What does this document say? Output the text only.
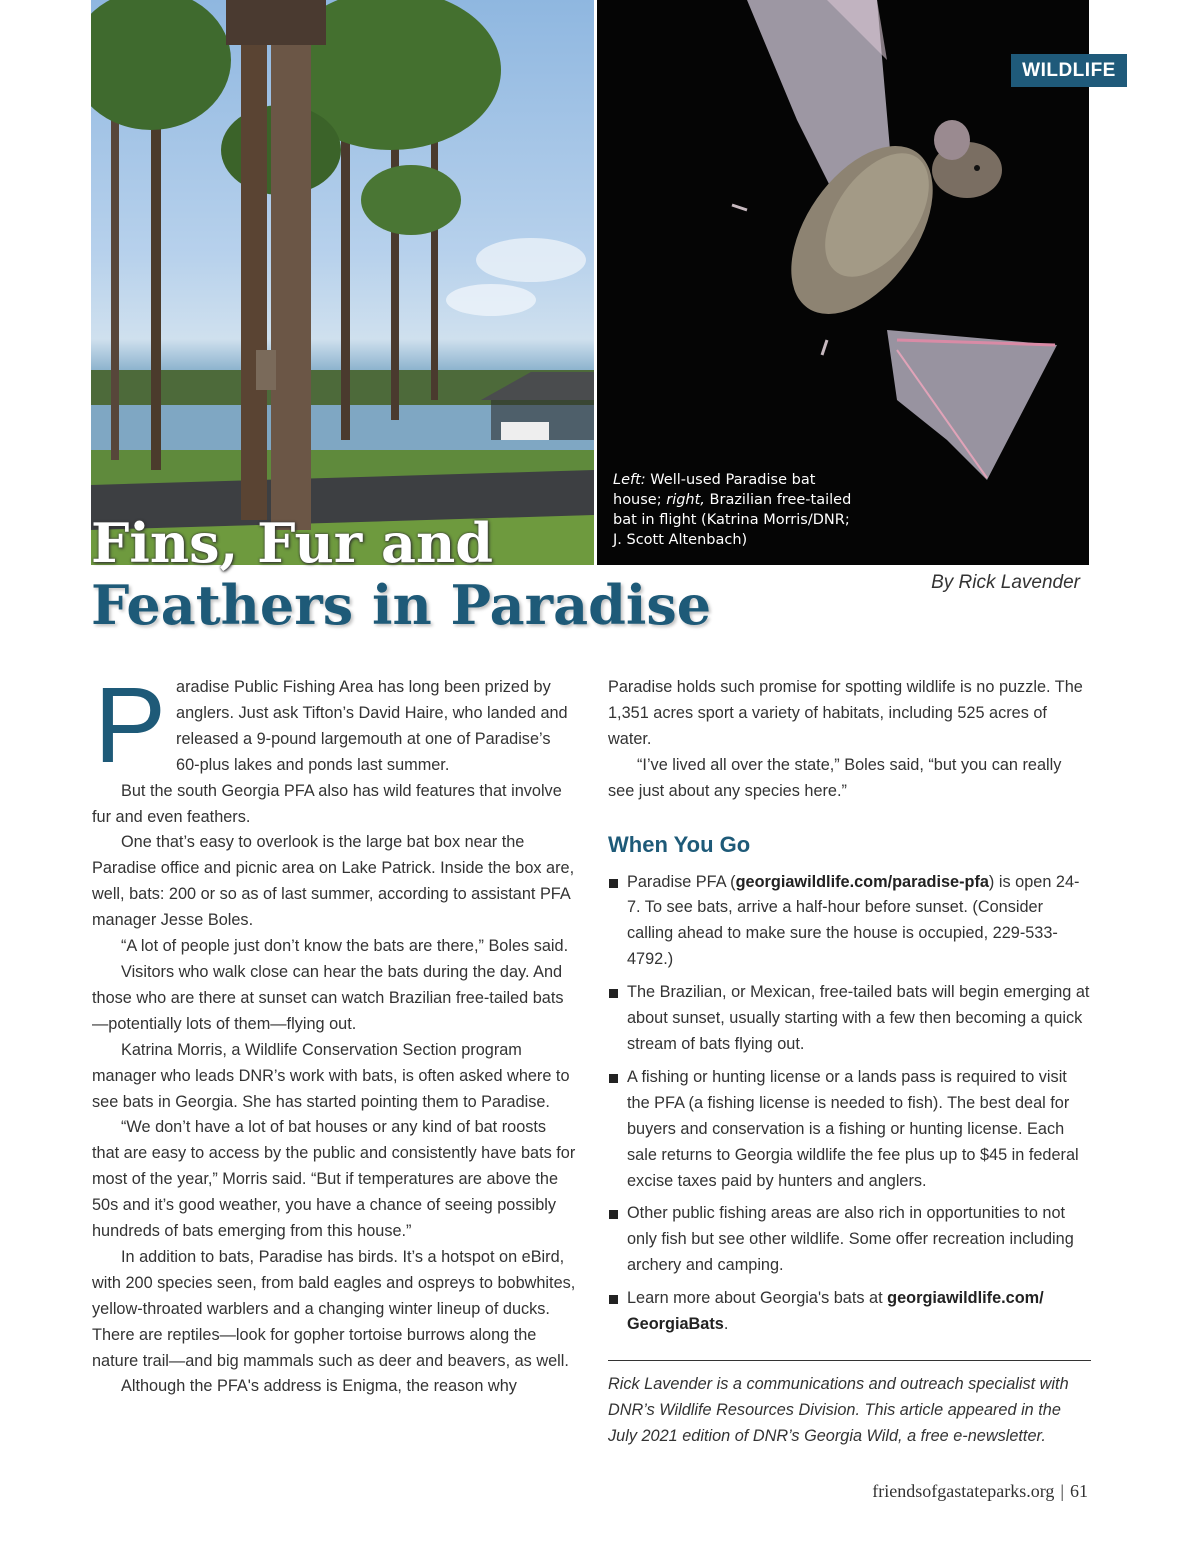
WILDLIFE
Left: Well-used Paradise bat house; right, Brazilian free-tailed bat in flight (Katrina Morris/DNR; J. Scott Altenbach)
Fins, Fur and
Feathers in Paradise	By Rick Lavender

Paradise Public Fishing Area has long been prized by anglers. Just ask Tifton’s David Haire, who landed and released a 9-pound largemouth at one of Paradise’s 60-plus lakes and ponds last summer.

But the south Georgia PFA also has wild features that involve fur and even feathers.

One that’s easy to overlook is the large bat box near the Paradise office and picnic area on Lake Patrick. Inside the box are, well, bats: 200 or so as of last summer, according to assistant PFA manager Jesse Boles.

“A lot of people just don’t know the bats are there,” Boles said.

Visitors who walk close can hear the bats during the day. And those who are there at sunset can watch Brazilian free-tailed bats—potentially lots of them—flying out.

Katrina Morris, a Wildlife Conservation Section program manager who leads DNR’s work with bats, is often asked where to see bats in Georgia. She has started pointing them to Paradise.

“We don’t have a lot of bat houses or any kind of bat roosts that are easy to access by the public and consistently have bats for most of the year,” Morris said. “But if temperatures are above the 50s and it’s good weather, you have a chance of seeing possibly hundreds of bats emerging from this house.”

In addition to bats, Paradise has birds. It’s a hotspot on eBird, with 200 species seen, from bald eagles and ospreys to bobwhites, yellow-throated warblers and a changing winter lineup of ducks. There are reptiles—look for gopher tortoise burrows along the nature trail—and big mammals such as deer and beavers, as well.

Although the PFA's address is Enigma, the reason why

Paradise holds such promise for spotting wildlife is no puzzle. The 1,351 acres sport a variety of habitats, including 525 acres of water.

“I’ve lived all over the state,” Boles said, “but you can really see just about any species here.”

When You Go
Paradise PFA (georgiawildlife.com/paradise-pfa) is open 24-7. To see bats, arrive a half-hour before sunset. (Consider calling ahead to make sure the house is occupied, 229-533-4792.)
The Brazilian, or Mexican, free-tailed bats will begin emerging at about sunset, usually starting with a few then becoming a quick stream of bats flying out.
A fishing or hunting license or a lands pass is required to visit the PFA (a fishing license is needed to fish). The best deal for buyers and conservation is a fishing or hunting license. Each sale returns to Georgia wildlife the fee plus up to $45 in federal excise taxes paid by hunters and anglers.
Other public fishing areas are also rich in opportunities to not only fish but see other wildlife. Some offer recreation including archery and camping.
Learn more about Georgia's bats at georgiawildlife.com/ GeorgiaBats.
Rick Lavender is a communications and outreach specialist with DNR’s Wildlife Resources Division. This article appeared in the July 2021 edition of DNR’s Georgia Wild, a free e-newsletter.
friendsofgastateparks.org | 61
